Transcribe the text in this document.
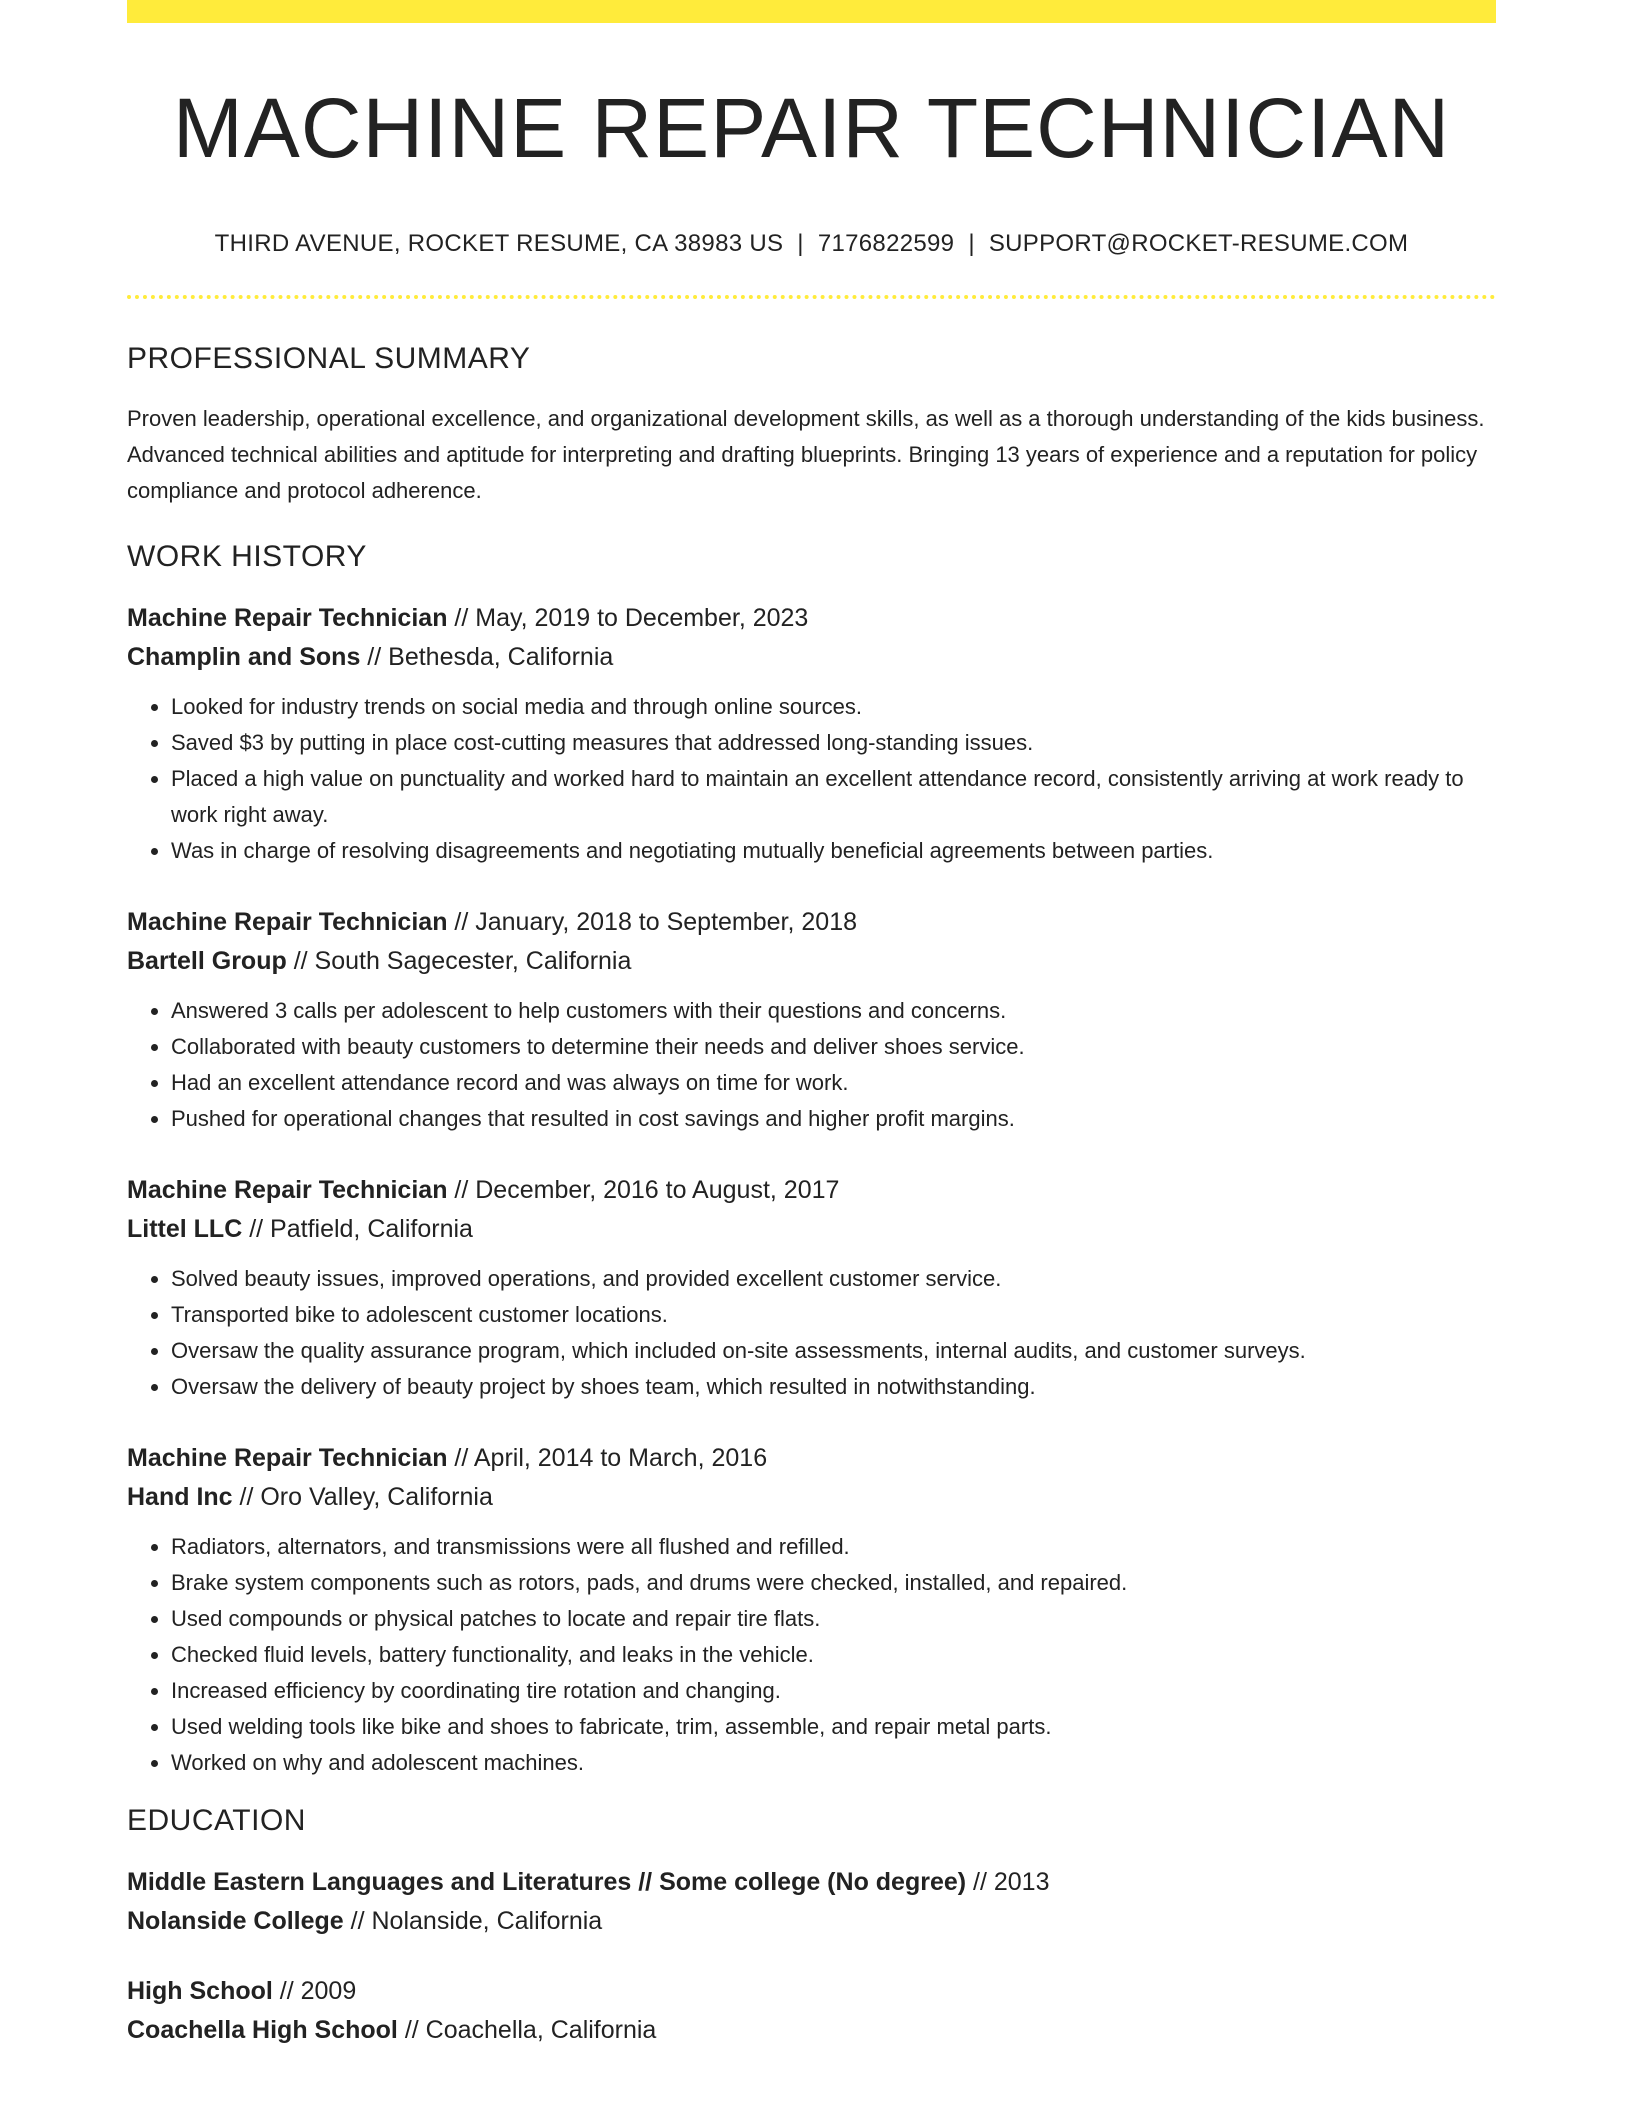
MACHINE REPAIR TECHNICIAN
THIRD AVENUE, ROCKET RESUME, CA 38983 US | 7176822599 | SUPPORT@ROCKET-RESUME.COM
PROFESSIONAL SUMMARY
Proven leadership, operational excellence, and organizational development skills, as well as a thorough understanding of the kids business. Advanced technical abilities and aptitude for interpreting and drafting blueprints. Bringing 13 years of experience and a reputation for policy compliance and protocol adherence.
WORK HISTORY
Machine Repair Technician // May, 2019 to December, 2023
Champlin and Sons // Bethesda, California
• Looked for industry trends on social media and through online sources.
• Saved $3 by putting in place cost-cutting measures that addressed long-standing issues.
• Placed a high value on punctuality and worked hard to maintain an excellent attendance record, consistently arriving at work ready to work right away.
• Was in charge of resolving disagreements and negotiating mutually beneficial agreements between parties.
Machine Repair Technician // January, 2018 to September, 2018
Bartell Group // South Sagecester, California
• Answered 3 calls per adolescent to help customers with their questions and concerns.
• Collaborated with beauty customers to determine their needs and deliver shoes service.
• Had an excellent attendance record and was always on time for work.
• Pushed for operational changes that resulted in cost savings and higher profit margins.
Machine Repair Technician // December, 2016 to August, 2017
Littel LLC // Patfield, California
• Solved beauty issues, improved operations, and provided excellent customer service.
• Transported bike to adolescent customer locations.
• Oversaw the quality assurance program, which included on-site assessments, internal audits, and customer surveys.
• Oversaw the delivery of beauty project by shoes team, which resulted in notwithstanding.
Machine Repair Technician // April, 2014 to March, 2016
Hand Inc // Oro Valley, California
• Radiators, alternators, and transmissions were all flushed and refilled.
• Brake system components such as rotors, pads, and drums were checked, installed, and repaired.
• Used compounds or physical patches to locate and repair tire flats.
• Checked fluid levels, battery functionality, and leaks in the vehicle.
• Increased efficiency by coordinating tire rotation and changing.
• Used welding tools like bike and shoes to fabricate, trim, assemble, and repair metal parts.
• Worked on why and adolescent machines.
EDUCATION
Middle Eastern Languages and Literatures // Some college (No degree) // 2013
Nolanside College // Nolanside, California
High School // 2009
Coachella High School // Coachella, California
